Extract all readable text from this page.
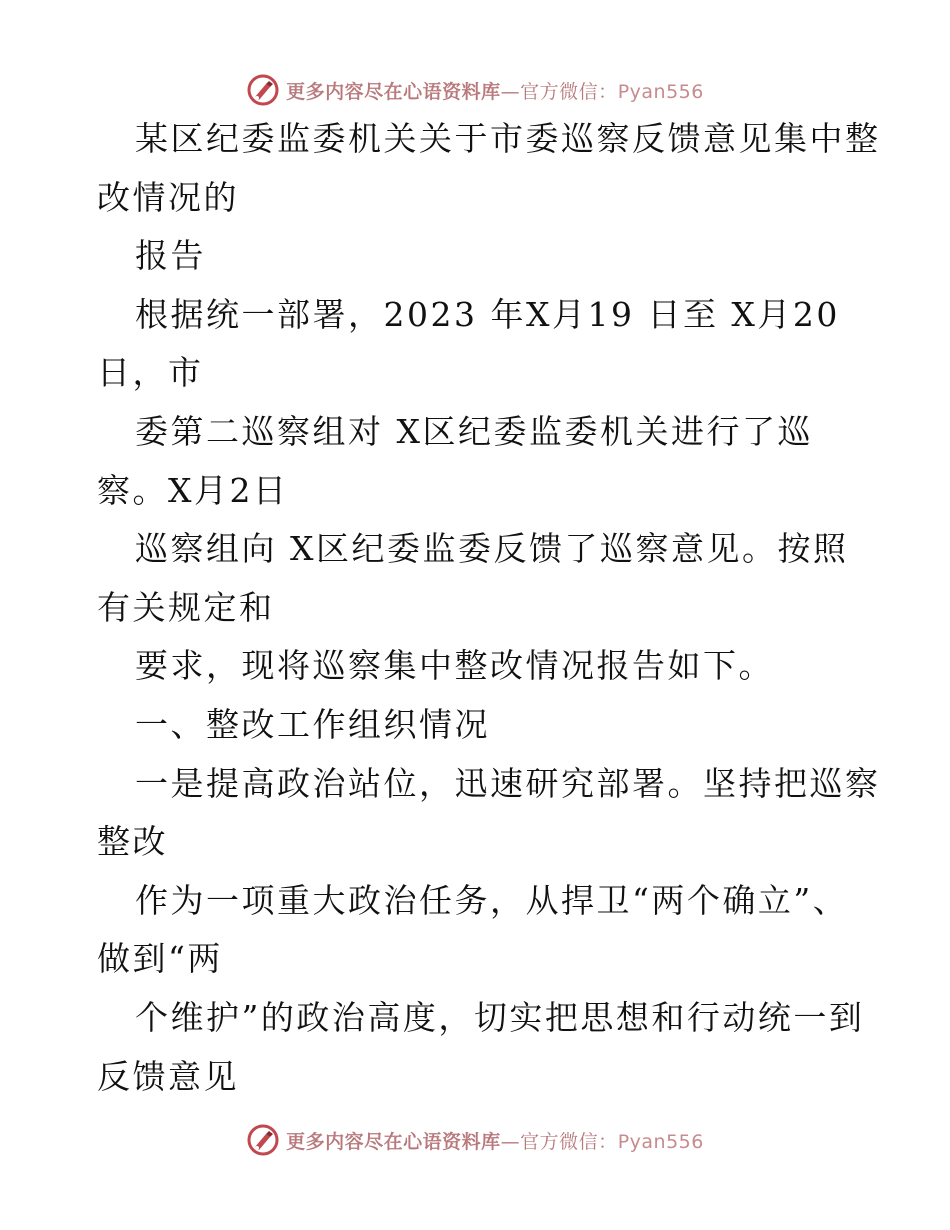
更多内容尽在心语资料库—官方微信：Pyan556
某区纪委监委机关关于市委巡察反馈意见集中整
改情况的
报告
根据统一部署，2023 年X月19 日至 X月20
日，市
委第二巡察组对 X区纪委监委机关进行了巡
察。X月2日
巡察组向 X区纪委监委反馈了巡察意见。按照
有关规定和
要求，现将巡察集中整改情况报告如下。
一、整改工作组织情况
一是提高政治站位，迅速研究部署。坚持把巡察
整改
作为一项重大政治任务，从捍卫“两个确立”、
做到“两
个维护”的政治高度，切实把思想和行动统一到
反馈意见
更多内容尽在心语资料库—官方微信：Pyan556
